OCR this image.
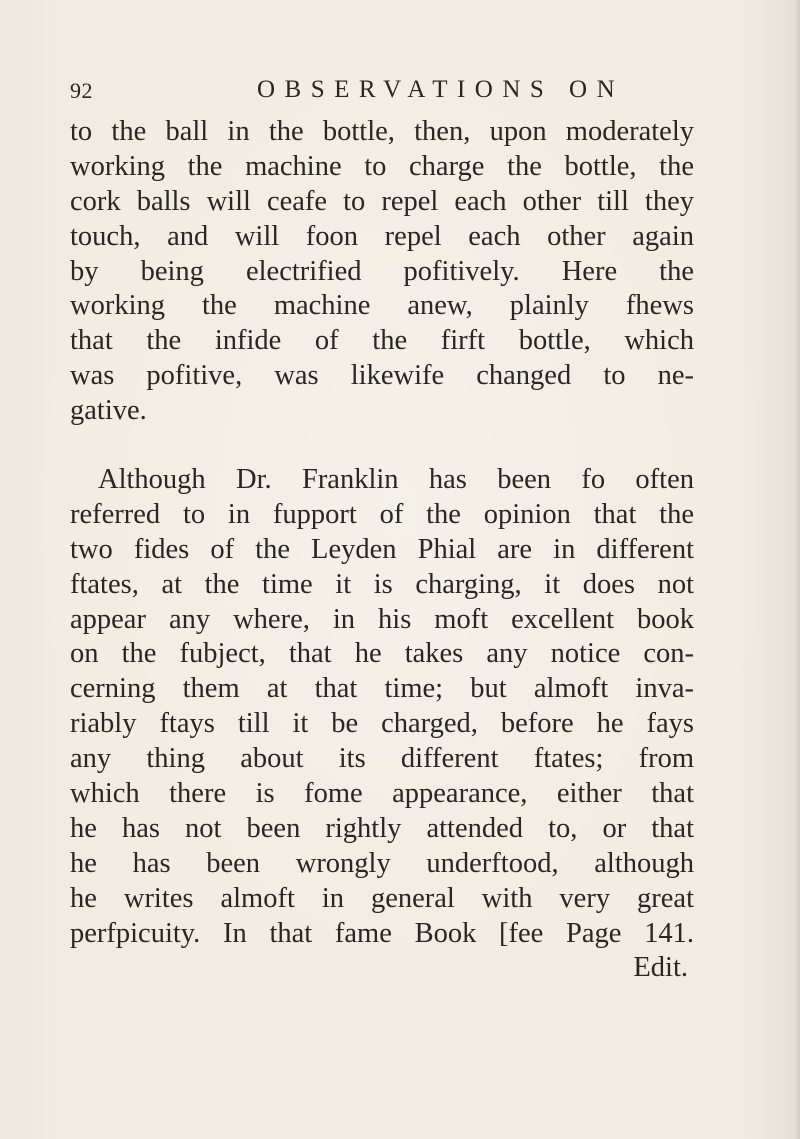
92	OBSERVATIONS ON
to the ball in the bottle, then, upon moderately
working the machine to charge the bottle, the
cork balls will ceafe to repel each other till they
touch, and will foon repel each other again
by being electrified pofitively. Here the
working the machine anew, plainly fhews
that the infide of the firft bottle, which
was pofitive, was likewife changed to ne-
gative.
Although Dr. Franklin has been fo often
referred to in fupport of the opinion that the
two fides of the Leyden Phial are in different
ftates, at the time it is charging, it does not
appear any where, in his moft excellent book
on the fubject, that he takes any notice con-
cerning them at that time; but almoft inva-
riably ftays till it be charged, before he fays
any thing about its different ftates; from
which there is fome appearance, either that
he has not been rightly attended to, or that
he has been wrongly underftood, although
he writes almoft in general with very great
perfpicuity. In that fame Book [fee Page 141.
Edit.
